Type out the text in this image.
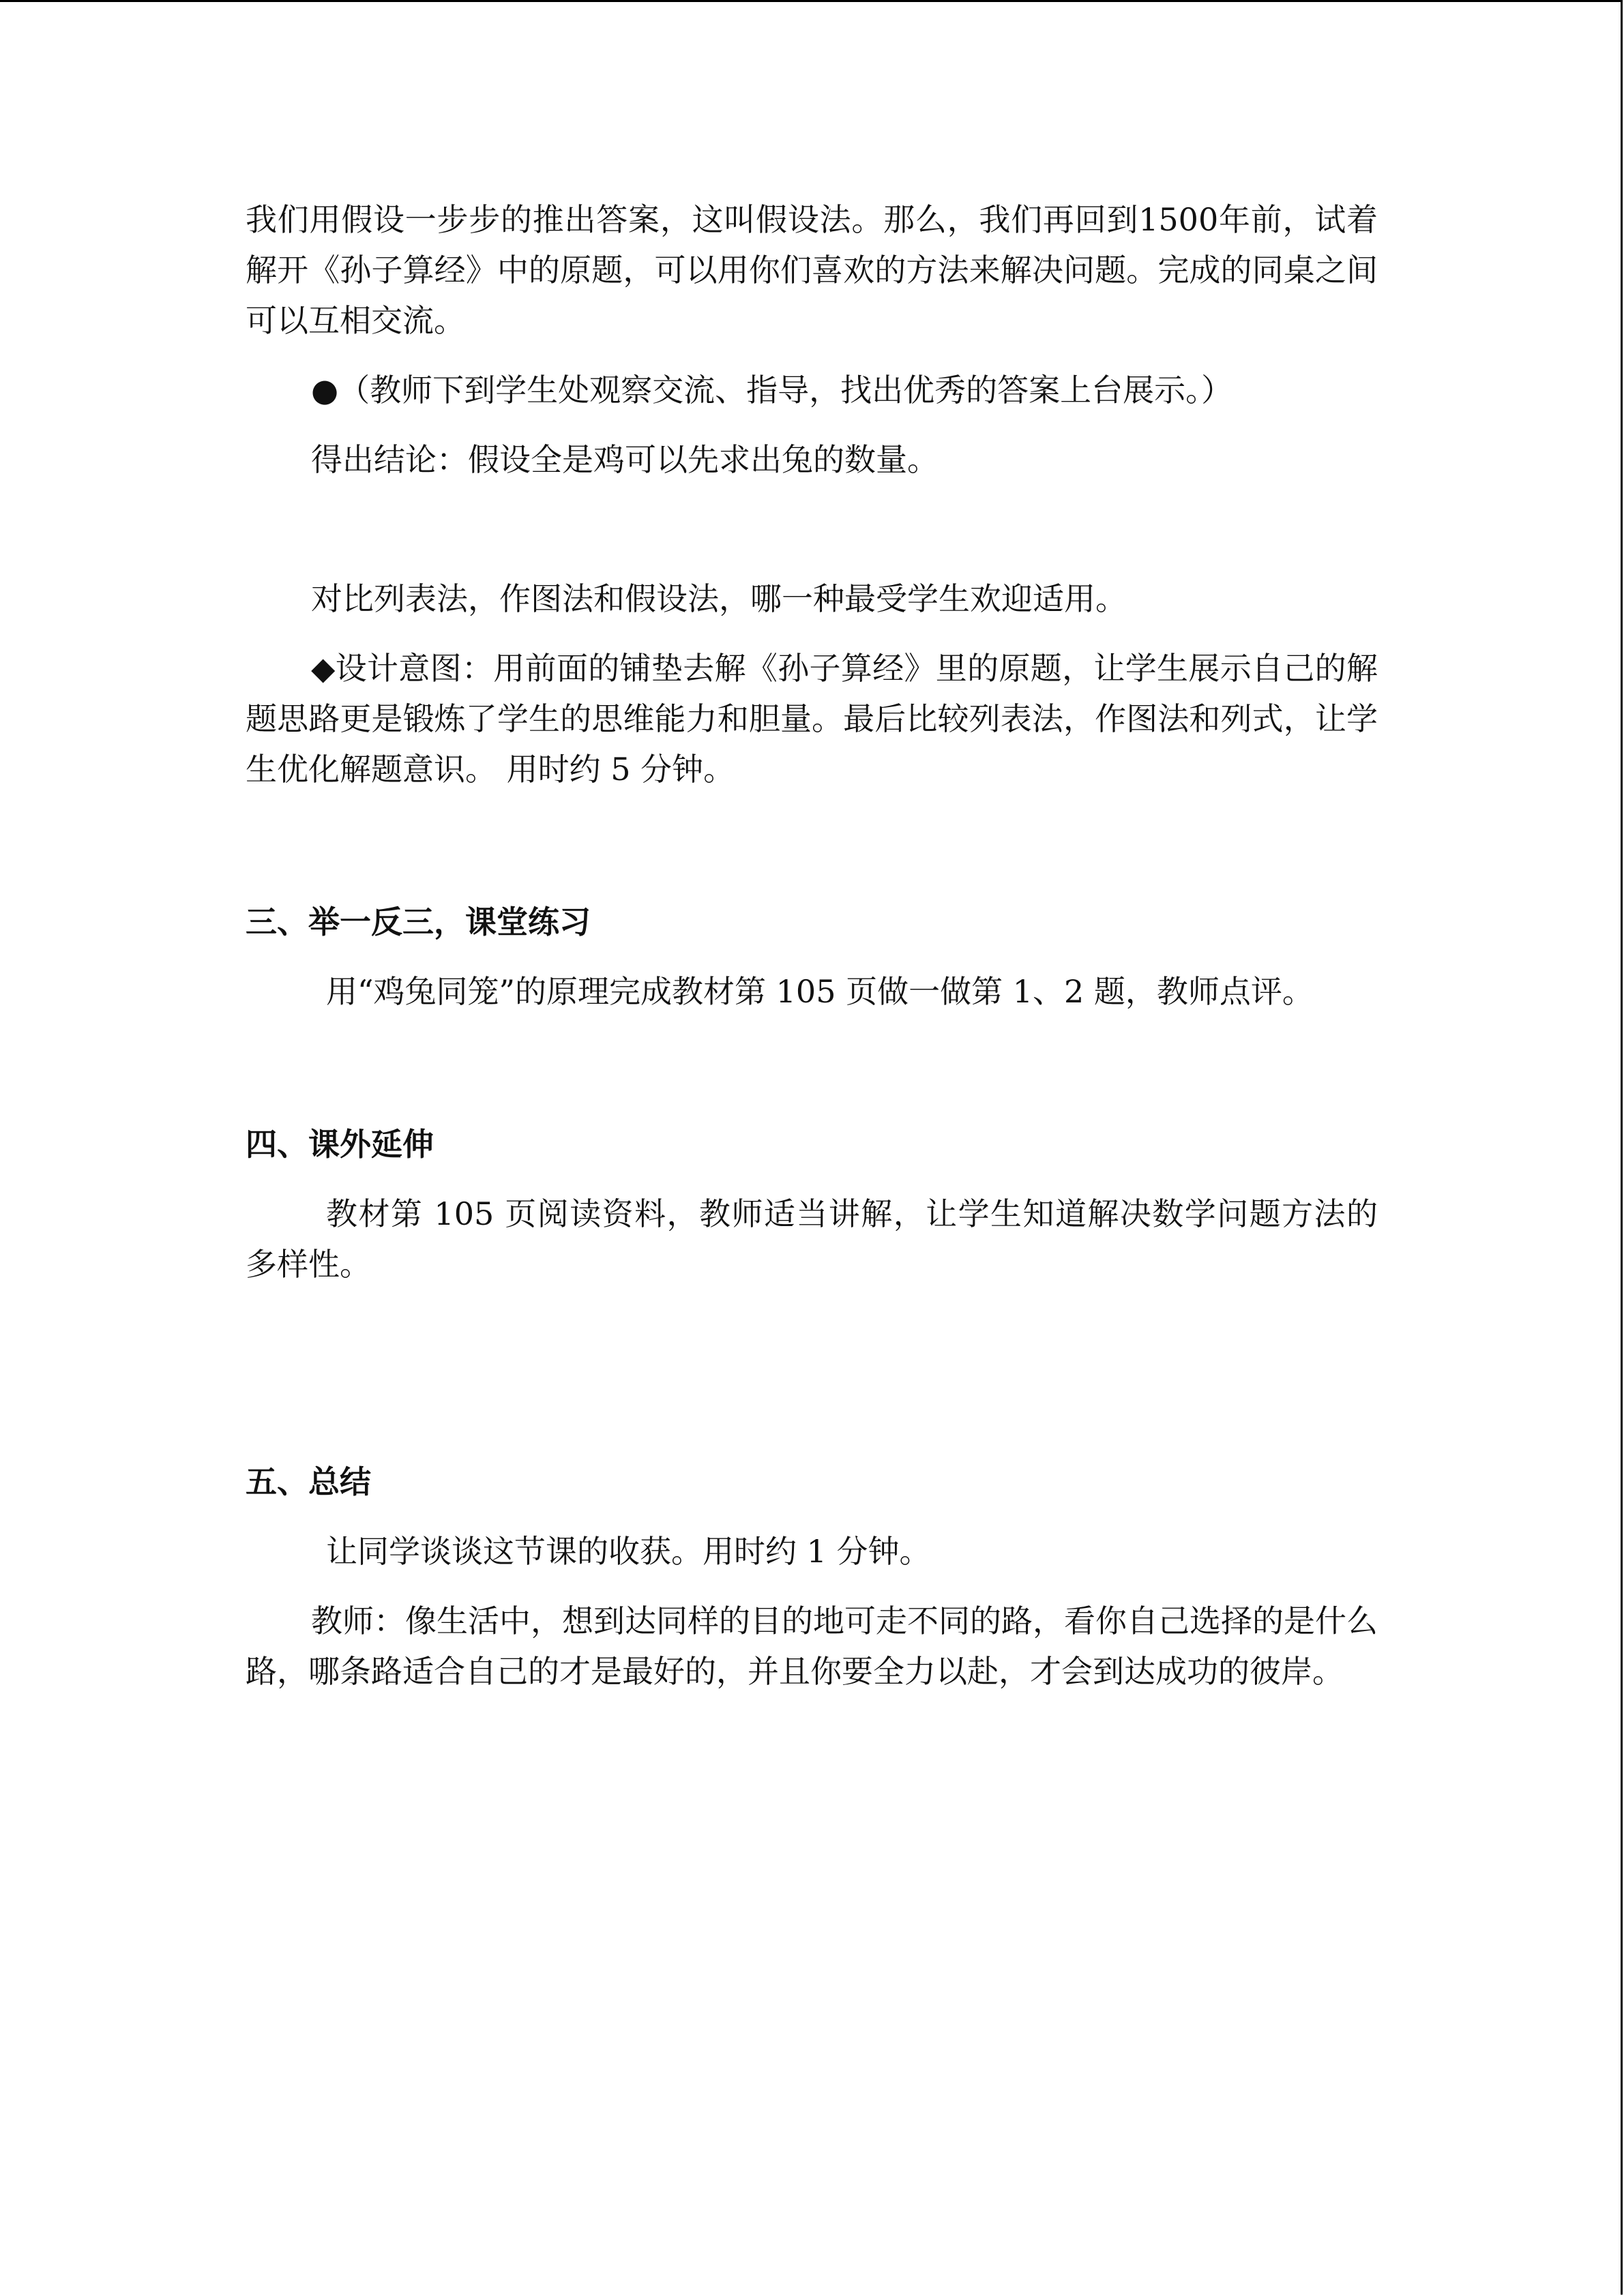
我们用假设一步步的推出答案，这叫假设法。那么，我们再回到1500年前，试着解开《孙子算经》中的原题，可以用你们喜欢的方法来解决问题。完成的同桌之间可以互相交流。

●（教师下到学生处观察交流、指导，找出优秀的答案上台展示。）

得出结论：假设全是鸡可以先求出兔的数量。

对比列表法，作图法和假设法，哪一种最受学生欢迎适用。

◆设计意图：用前面的铺垫去解《孙子算经》里的原题，让学生展示自己的解题思路更是锻炼了学生的思维能力和胆量。最后比较列表法，作图法和列式，让学生优化解题意识。 用时约 5 分钟。

三、举一反三，课堂练习

用“鸡兔同笼”的原理完成教材第 105 页做一做第 1、2 题，教师点评。

四、课外延伸

教材第 105 页阅读资料，教师适当讲解，让学生知道解决数学问题方法的多样性。

五、总结

让同学谈谈这节课的收获。用时约 1 分钟。

教师：像生活中，想到达同样的目的地可走不同的路，看你自己选择的是什么路，哪条路适合自己的才是最好的，并且你要全力以赴，才会到达成功的彼岸。
